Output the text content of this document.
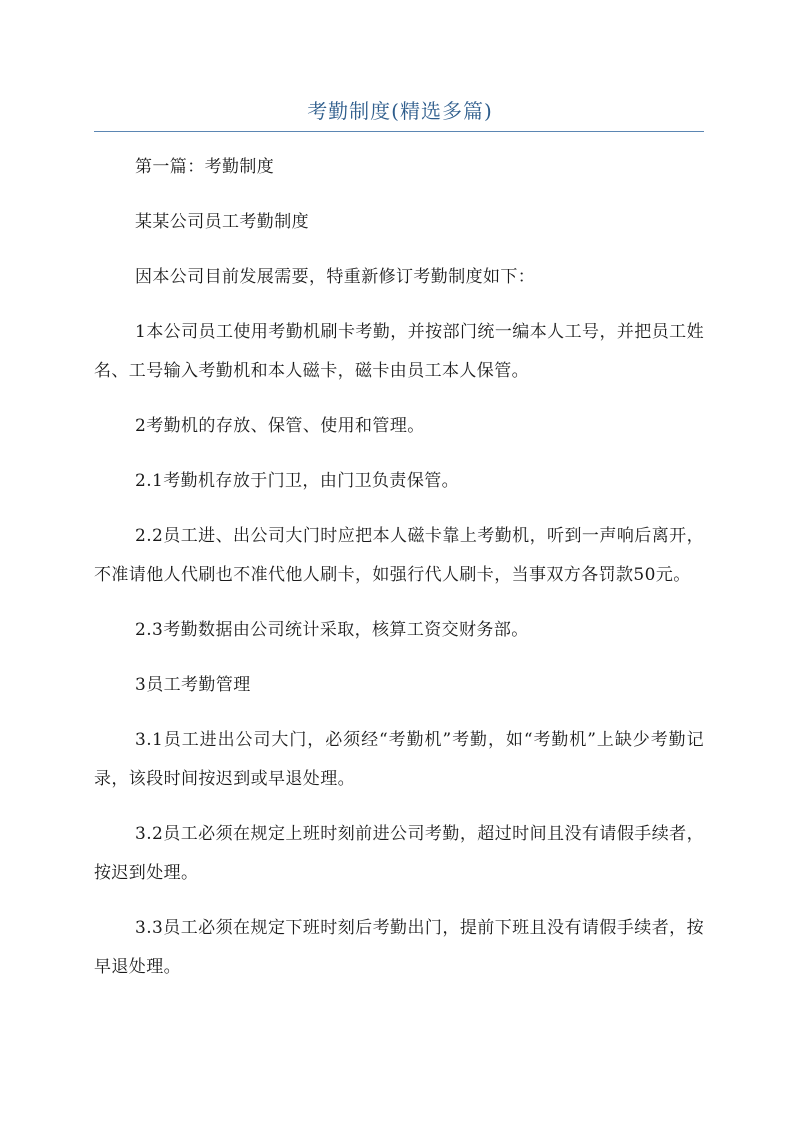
考勤制度(精选多篇)

第一篇：考勤制度

某某公司员工考勤制度

因本公司目前发展需要，特重新修订考勤制度如下：

1本公司员工使用考勤机刷卡考勤，并按部门统一编本人工号，并把员工姓名、工号输入考勤机和本人磁卡，磁卡由员工本人保管。

2考勤机的存放、保管、使用和管理。

2.1考勤机存放于门卫，由门卫负责保管。

2.2员工进、出公司大门时应把本人磁卡靠上考勤机，听到一声响后离开，不准请他人代刷也不准代他人刷卡，如强行代人刷卡，当事双方各罚款50元。

2.3考勤数据由公司统计采取，核算工资交财务部。

3员工考勤管理

3.1员工进出公司大门，必须经“考勤机”考勤，如“考勤机”上缺少考勤记录，该段时间按迟到或早退处理。

3.2员工必须在规定上班时刻前进公司考勤，超过时间且没有请假手续者，按迟到处理。

3.3员工必须在规定下班时刻后考勤出门，提前下班且没有请假手续者，按早退处理。
